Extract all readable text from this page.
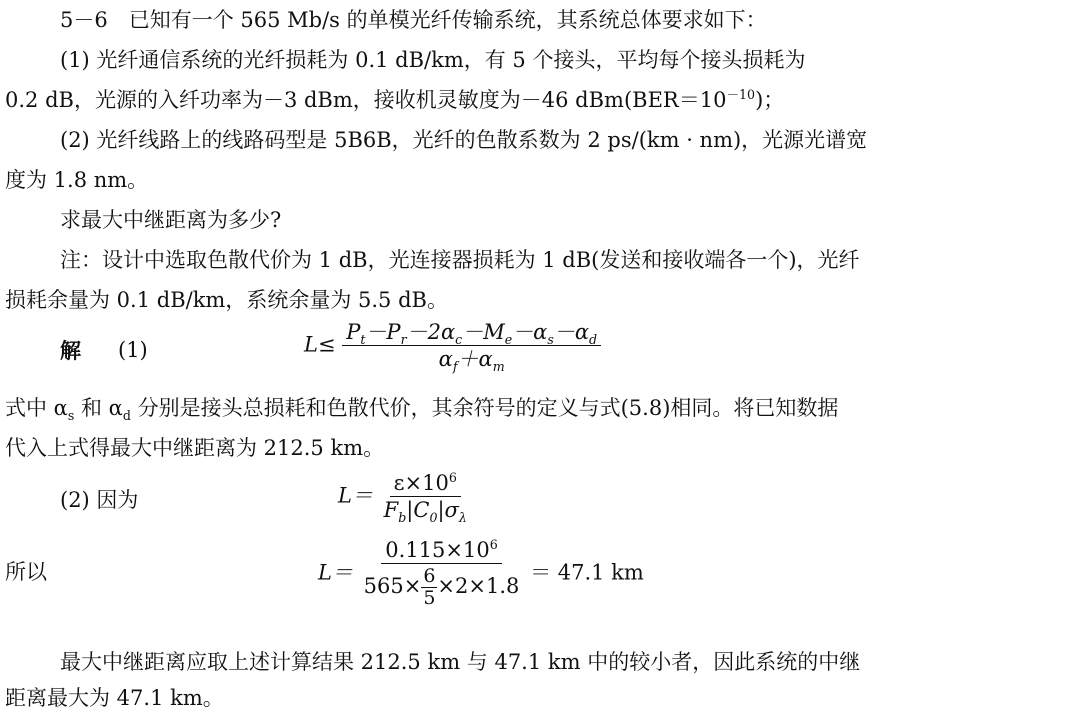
5－6　已知有一个 565 Mb/s 的单模光纤传输系统，其系统总体要求如下：
(1) 光纤通信系统的光纤损耗为 0.1 dB/km，有 5 个接头，平均每个接头损耗为
0.2 dB，光源的入纤功率为－3 dBm，接收机灵敏度为－46 $dBm(BER=10^{-10})$；
(2) 光纤线路上的线路码型是 5B6B，光纤的色散系数为 2 ps/(km · nm)，光源光谱宽
度为 1.8 nm。
求最大中继距离为多少?
注：设计中选取色散代价为 1 dB，光连接器损耗为 1 dB(发送和接收端各一个)，光纤
损耗余量为 0.1 dB/km，系统余量为 5.5 dB。
解 (1)	$L\le \frac{P_t-P_r-2\alpha_c-M_e-\alpha_s-\alpha_d}{\alpha_f+\alpha_m}$
式中 $\alpha_s$ 和 $\alpha_d$ 分别是接头总损耗和色散代价，其余符号的定义与式(5.8)相同。将已知数据
代入上式得最大中继距离为 212.5 km。
(2) 因为	$L= \frac{\varepsilon\times 10^6}{F_b|C_0|\sigma_\lambda}$
所以	$L= \frac{0.115\times 10^6}{565\times \frac{6}{5} \times 2\times 1.8} = 47.1$ km
最大中继距离应取上述计算结果 212.5 km 与 47.1 km 中的较小者，因此系统的中继
距离最大为 47.1 km。
